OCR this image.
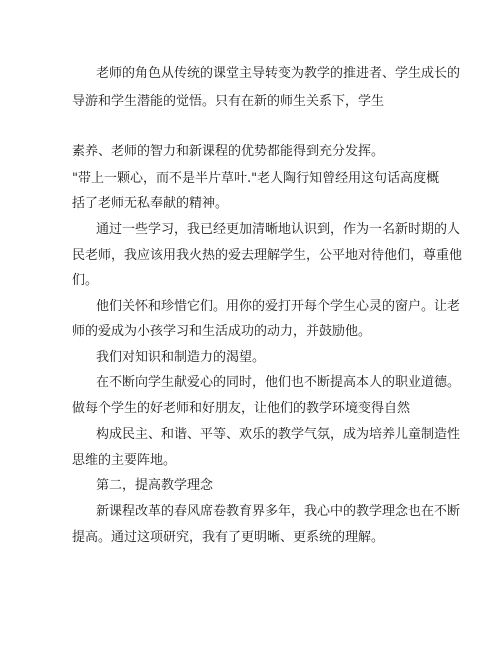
老师的角色从传统的课堂主导转变为教学的推进者、学生成长的
导游和学生潜能的觉悟。只有在新的师生关系下，学生
素养、老师的智力和新课程的优势都能得到充分发挥。
"带上一颗心，而不是半片草叶."老人陶行知曾经用这句话高度概
括了老师无私奉献的精神。
通过一些学习，我已经更加清晰地认识到，作为一名新时期的人
民老师，我应该用我火热的爱去理解学生，公平地对待他们，尊重他
们。
他们关怀和珍惜它们。用你的爱打开每个学生心灵的窗户。让老
师的爱成为小孩学习和生活成功的动力，并鼓励他。
我们对知识和制造力的渴望。
在不断向学生献爱心的同时，他们也不断提高本人的职业道德。
做每个学生的好老师和好朋友，让他们的教学环境变得自然
构成民主、和谐、平等、欢乐的教学气氛，成为培养儿童制造性
思维的主要阵地。
第二，提高教学理念
新课程改革的春风席卷教育界多年，我心中的教学理念也在不断
提高。通过这项研究，我有了更明晰、更系统的理解。
